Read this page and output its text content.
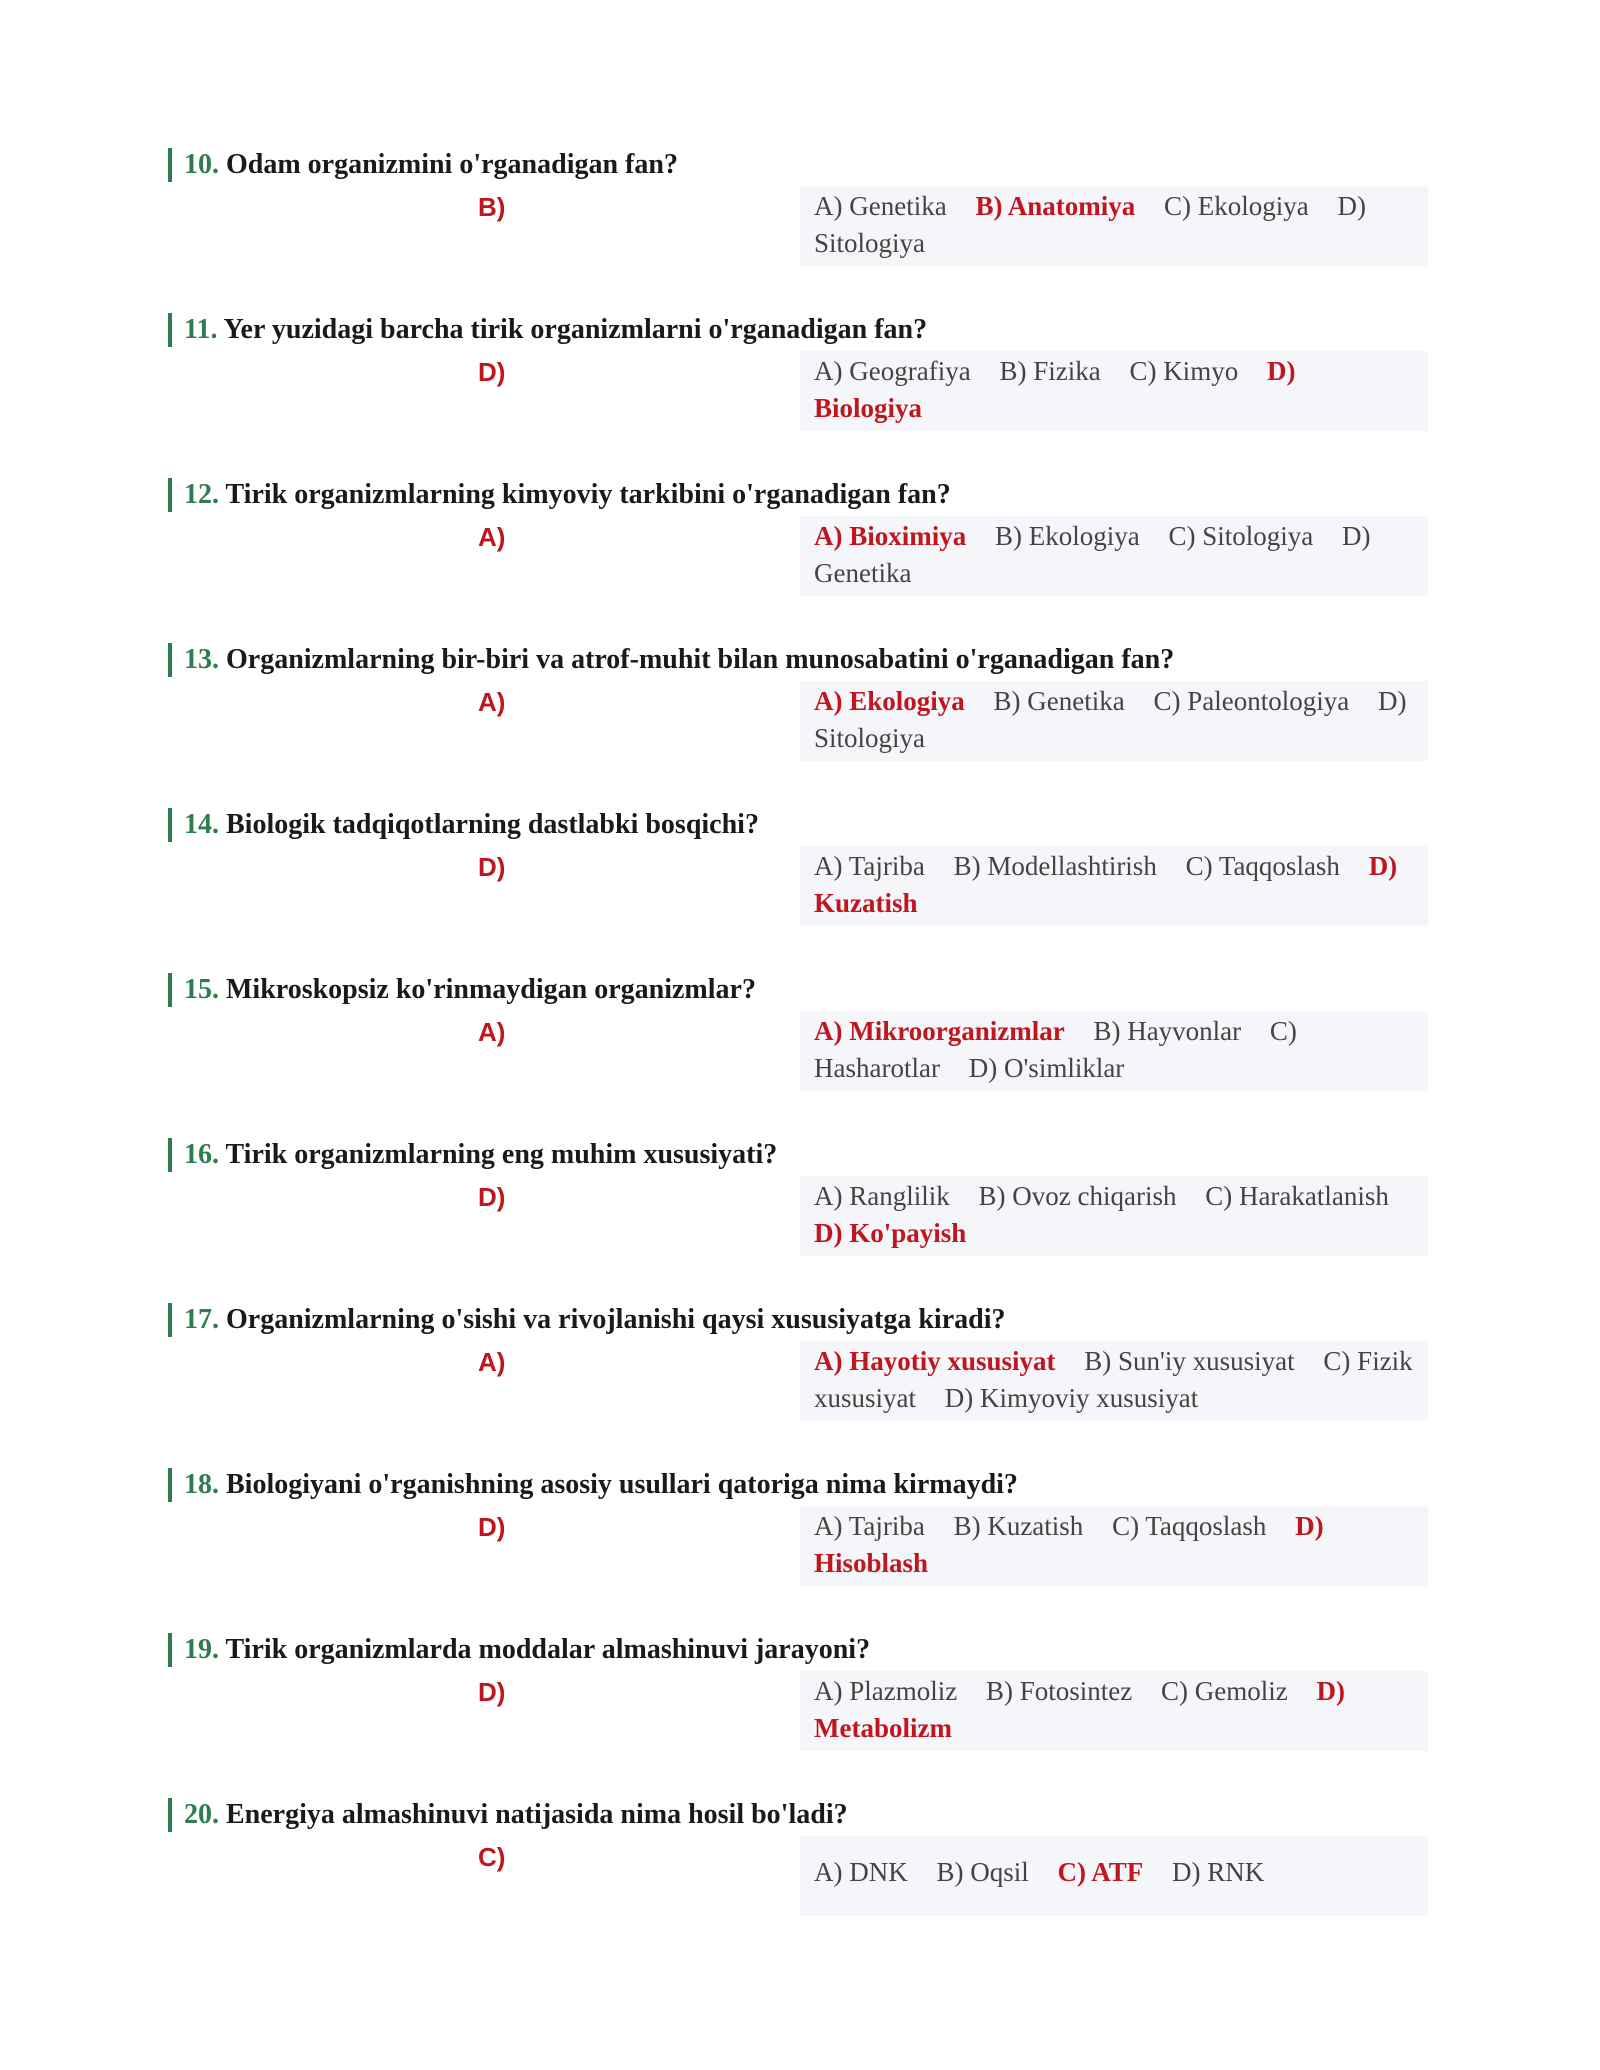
10. Odam organizmini o'rganadigan fan?
B)	A) Genetika B) Anatomiya C) Ekologiya D) Sitologiya
11. Yer yuzidagi barcha tirik organizmlarni o'rganadigan fan?
D)	A) Geografiya B) Fizika C) Kimyo D) Biologiya
12. Tirik organizmlarning kimyoviy tarkibini o'rganadigan fan?
A)	A) Bioximiya B) Ekologiya C) Sitologiya D) Genetika
13. Organizmlarning bir-biri va atrof-muhit bilan munosabatini o'rganadigan fan?
A)	A) Ekologiya B) Genetika C) Paleontologiya D) Sitologiya
14. Biologik tadqiqotlarning dastlabki bosqichi?
D)	A) Tajriba B) Modellashtirish C) Taqqoslash D) Kuzatish
15. Mikroskopsiz ko'rinmaydigan organizmlar?
A)	A) Mikroorganizmlar B) Hayvonlar C) Hasharotlar D) O'simliklar
16. Tirik organizmlarning eng muhim xususiyati?
D)	A) Ranglilik B) Ovoz chiqarish C) Harakatlanish D) Ko'payish
17. Organizmlarning o'sishi va rivojlanishi qaysi xususiyatga kiradi?
A)	A) Hayotiy xususiyat B) Sun'iy xususiyat C) Fizik xususiyat D) Kimyoviy xususiyat
18. Biologiyani o'rganishning asosiy usullari qatoriga nima kirmaydi?
D)	A) Tajriba B) Kuzatish C) Taqqoslash D) Hisoblash
19. Tirik organizmlarda moddalar almashinuvi jarayoni?
D)	A) Plazmoliz B) Fotosintez C) Gemoliz D) Metabolizm
20. Energiya almashinuvi natijasida nima hosil bo'ladi?
C)	A) DNK B) Oqsil C) ATF D) RNK
